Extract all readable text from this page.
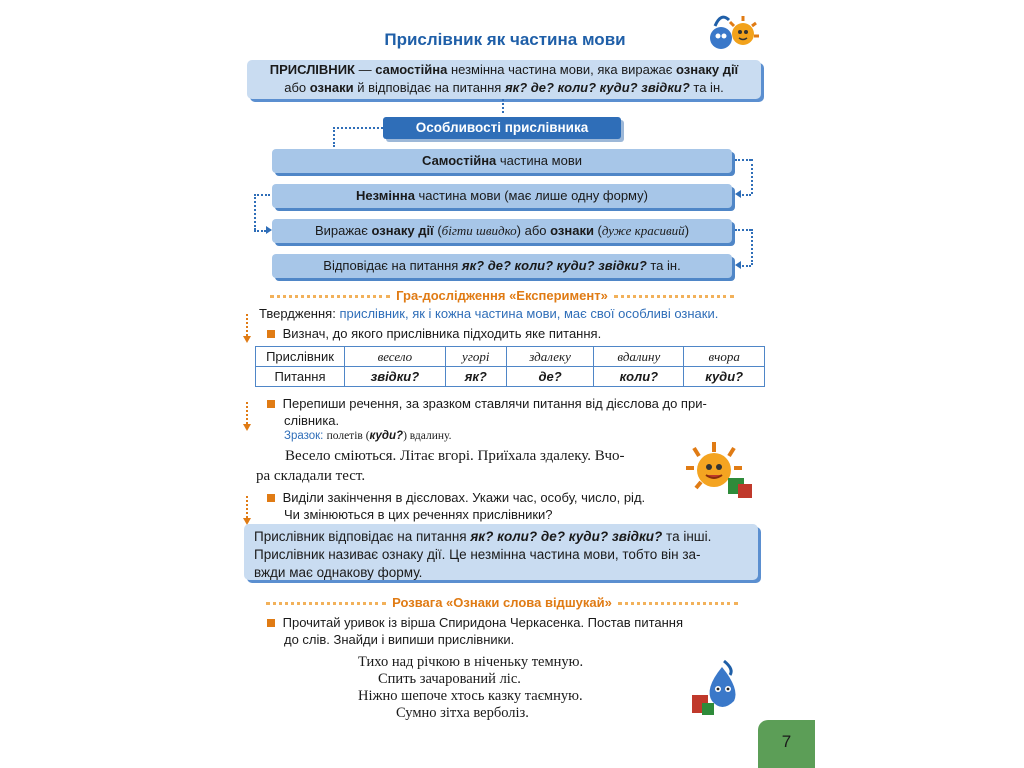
Прислівник як частина мови
ПРИСЛІВНИК — самостійна незмінна частина мови, яка виражає ознаку дії
або ознаки й відповідає на питання як? де? коли? куди? звідки? та ін.
Особливості прислівника
Самостійна частина мови
Незмінна частина мови (має лише одну форму)
Виражає ознаку дії (бігти швидко) або ознаки (дуже красивий)
Відповідає на питання як? де? коли? куди? звідки? та ін.
Гра-дослідження «Експеримент»
Твердження: прислівник, як і кожна частина мови, має свої особливі ознаки.
Визнач, до якого прислівника підходить яке питання.
Прислівник	весело	угорі	здалеку	вдалину	вчора
Питання	звідки?	як?	де?	коли?	куди?
Перепиши речення, за зразком ставлячи питання від дієслова до при-
слівника.
Зразок: полетів (куди?) вдалину.
Весело сміються. Літає вгорі. Приїхала здалеку. Вчо-
ра складали тест.
Виділи закінчення в дієсловах. Укажи час, особу, число, рід.
Чи змінюються в цих реченнях прислівники?
Прислівник відповідає на питання як? коли? де? куди? звідки? та інші.
Прислівник називає ознаку дії. Це незмінна частина мови, тобто він за-
вжди має однакову форму.
Розвага «Ознаки слова відшукай»
Прочитай уривок із вірша Спиридона Черкасенка. Постав питання
до слів. Знайди і випиши прислівники.
Тихо над річкою в ніченьку темную.
Спить зачарований ліс.
Ніжно шепоче хтось казку таємную.
Сумно зітха верболіз.
7
